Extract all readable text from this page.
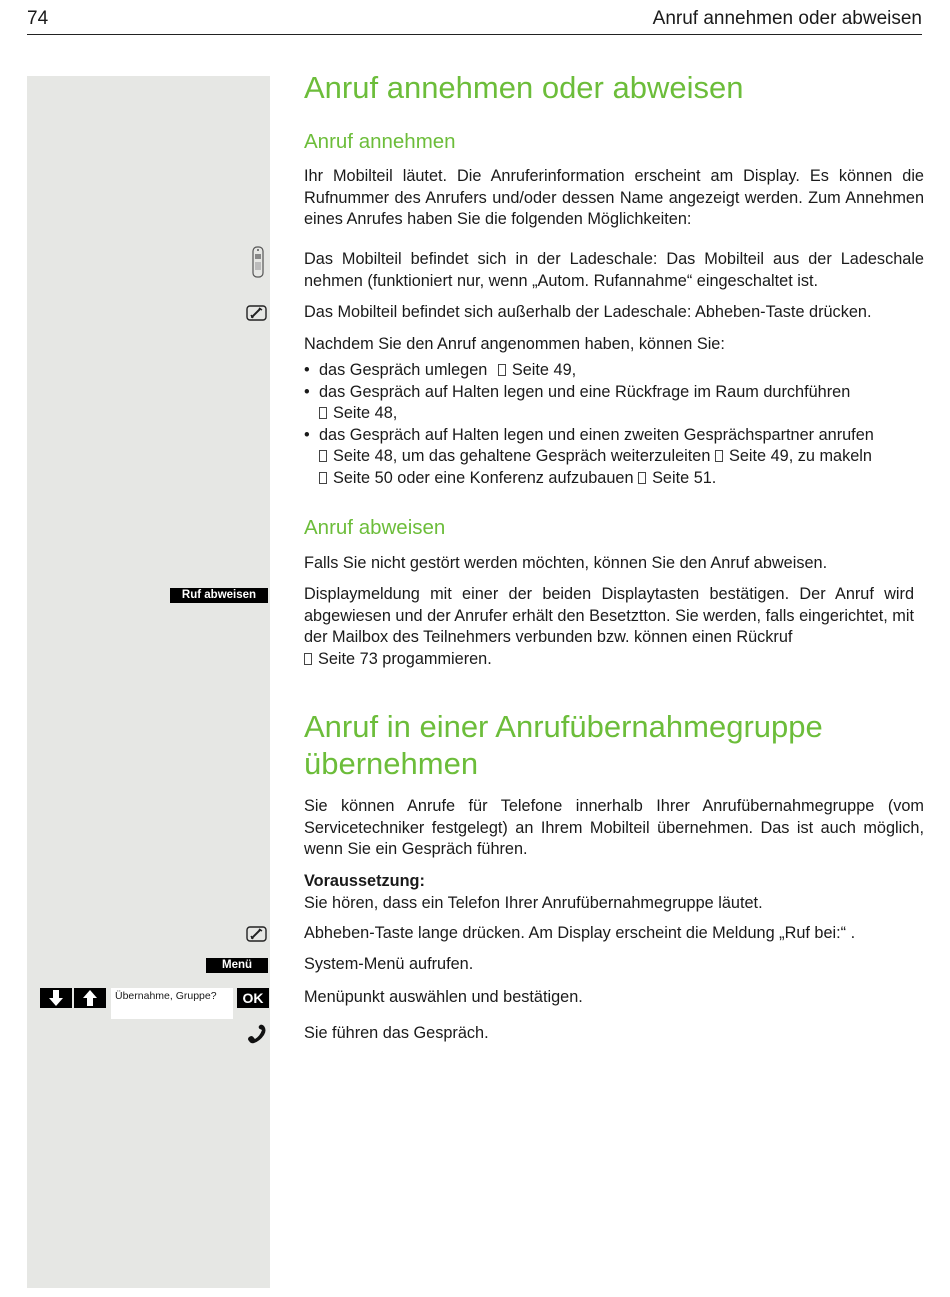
74	Anruf annehmen oder abweisen
Anruf annehmen oder abweisen
Anruf annehmen

Ihr Mobilteil läutet. Die Anruferinformation erscheint am Display. Es können die Rufnummer des Anrufers und/oder dessen Name angezeigt werden. Zum Annehmen eines Anrufes haben Sie die folgenden Möglichkeiten:

Das Mobilteil befindet sich in der Ladeschale: Das Mobilteil aus der Ladeschale nehmen (funktioniert nur, wenn „Autom. Rufannahme“ eingeschaltet ist.

Das Mobilteil befindet sich außerhalb der Ladeschale: Abheben-Taste drücken.

Nachdem Sie den Anruf angenommen haben, können Sie:

• das Gespräch umlegen Seite 49,
• das Gespräch auf Halten legen und eine Rückfrage im Raum durchführen
Seite 48,
• das Gespräch auf Halten legen und einen zweiten Gesprächspartner anrufen
Seite 48, um das gehaltene Gespräch weiterzuleiten Seite 49, zu makeln
Seite 50 oder eine Konferenz aufzubauen Seite 51.
Anruf abweisen

Falls Sie nicht gestört werden möchten, können Sie den Anruf abweisen.

Ruf abweisen	Displaymeldung mit einer der beiden Displaytasten bestätigen. Der Anruf wird abgewiesen und der Anrufer erhält den Besetztton. Sie werden, falls eingerichtet, mit der Mailbox des Teilnehmers verbunden bzw. können einen Rückruf
Seite 73 progammieren.

Anruf in einer Anrufübernahmegruppe
übernehmen

Sie können Anrufe für Telefone innerhalb Ihrer Anrufübernahmegruppe (vom Servicetechniker festgelegt) an Ihrem Mobilteil übernehmen. Das ist auch möglich, wenn Sie ein Gespräch führen.

Voraussetzung:
Sie hören, dass ein Telefon Ihrer Anrufübernahmegruppe läutet.

Abheben-Taste lange drücken. Am Display erscheint die Meldung „Ruf bei:“ .

Menü	System-Menü aufrufen.

Übernahme, Gruppe?	OK	Menüpunkt auswählen und bestätigen.

Sie führen das Gespräch.
